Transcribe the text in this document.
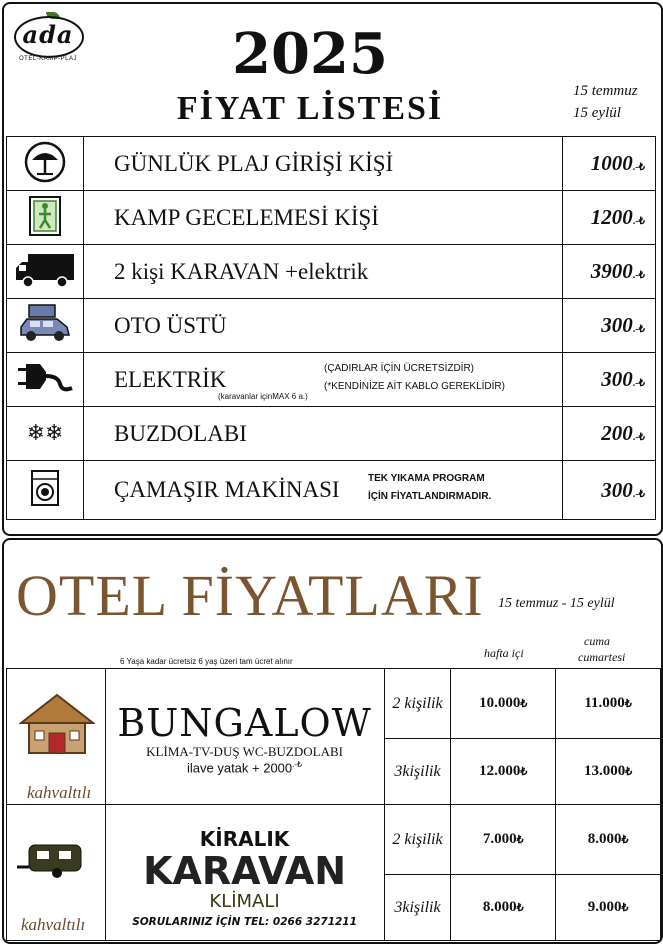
ada
OTEL-KAMP-PLAJ	2025
FİYAT LİSTESİ	15 temmuz
15 eylül
	GÜNLÜK PLAJ GİRİŞİ KİŞİ	1000.-₺
	KAMP GECELEMESİ KİŞİ	1200.-₺
	2 kişi KARAVAN +elektrik	3900.-₺
	OTO ÜSTÜ	300.-₺
	ELEKTRİK
(karavanlar içinMAX 6 a.)
(ÇADIRLAR İÇİN ÜCRETSİZDİR)
(*KENDİNİZE AİT KABLO GEREKLİDİR)	300.-₺
❄❄	BUZDOLABI	200.-₺
	ÇAMAŞIR MAKİNASI TEK YIKAMA PROGRAM
İÇİN FİYATLANDIRMADIR.	300.-₺
OTEL FİYATLARI 15 temmuz - 15 eylül
hafta içi
cuma
cumartesi
6 Yaşa kadar ücretsiz 6 yaş üzeri tam ücret alınır
kahvaltılı	BUNGALOW
KLİMA-TV-DUŞ WC-BUZDOLABI
ilave yatak + 2000.-₺	2 kişilik	10.000₺	11.000₺
		3kişilik	12.000₺	13.000₺

kahvaltılı	KİRALIK
KARAVAN
KLİMALI
SORULARINIZ İÇİN TEL: 0266 3271211	2 kişilik	7.000₺	8.000₺
		3kişilik	8.000₺	9.000₺
